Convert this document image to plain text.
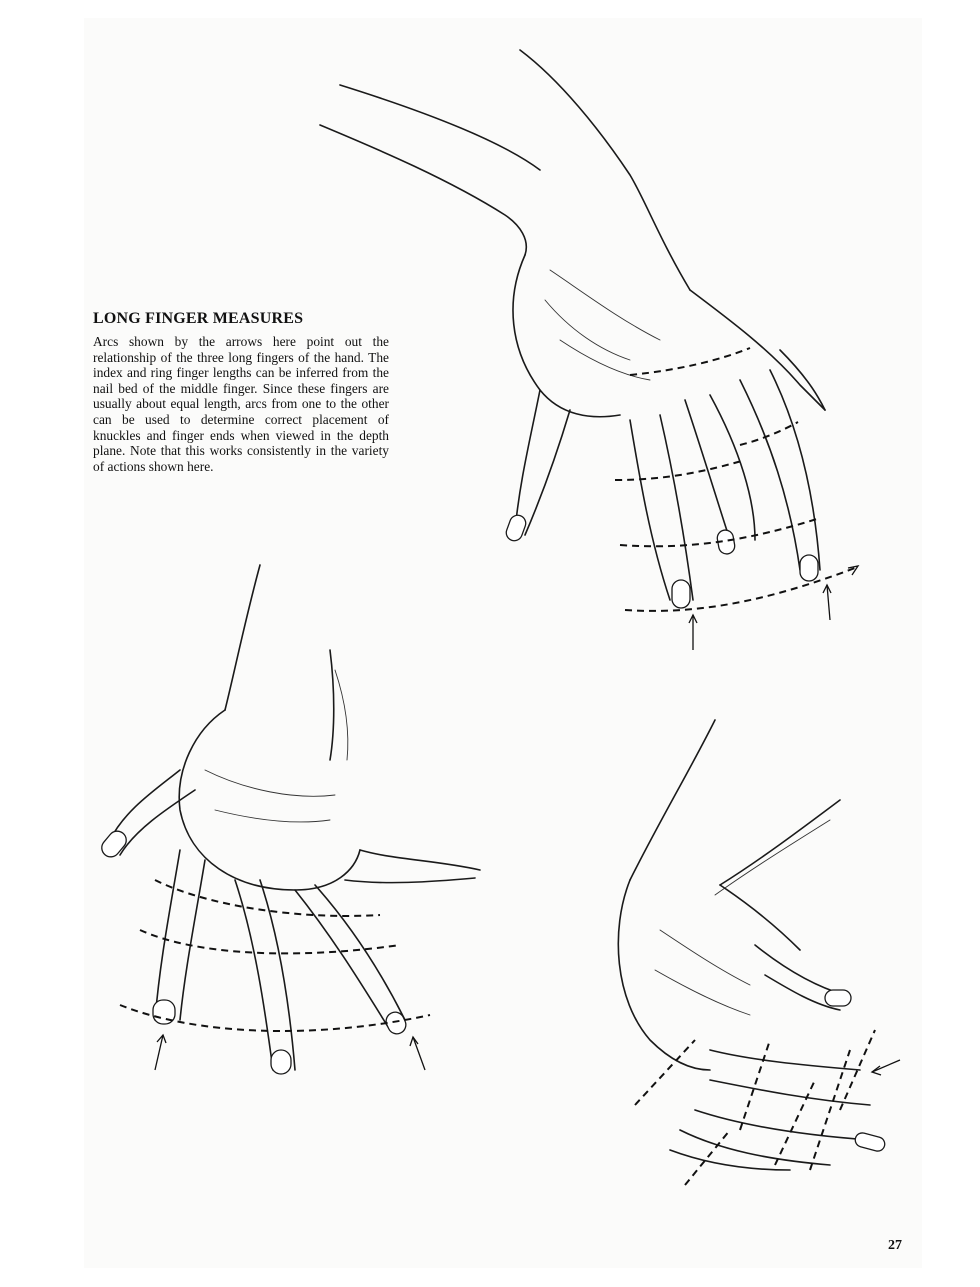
LONG FINGER MEASURES

Arcs shown by the arrows here point out the relationship of the three long fingers of the hand. The index and ring finger lengths can be inferred from the nail bed of the middle finger. Since these fingers are usually about equal length, arcs from one to the other can be used to determine correct placement of knuckles and finger ends when viewed in the depth plane. Note that this works consistently in the variety of actions shown here.

27
